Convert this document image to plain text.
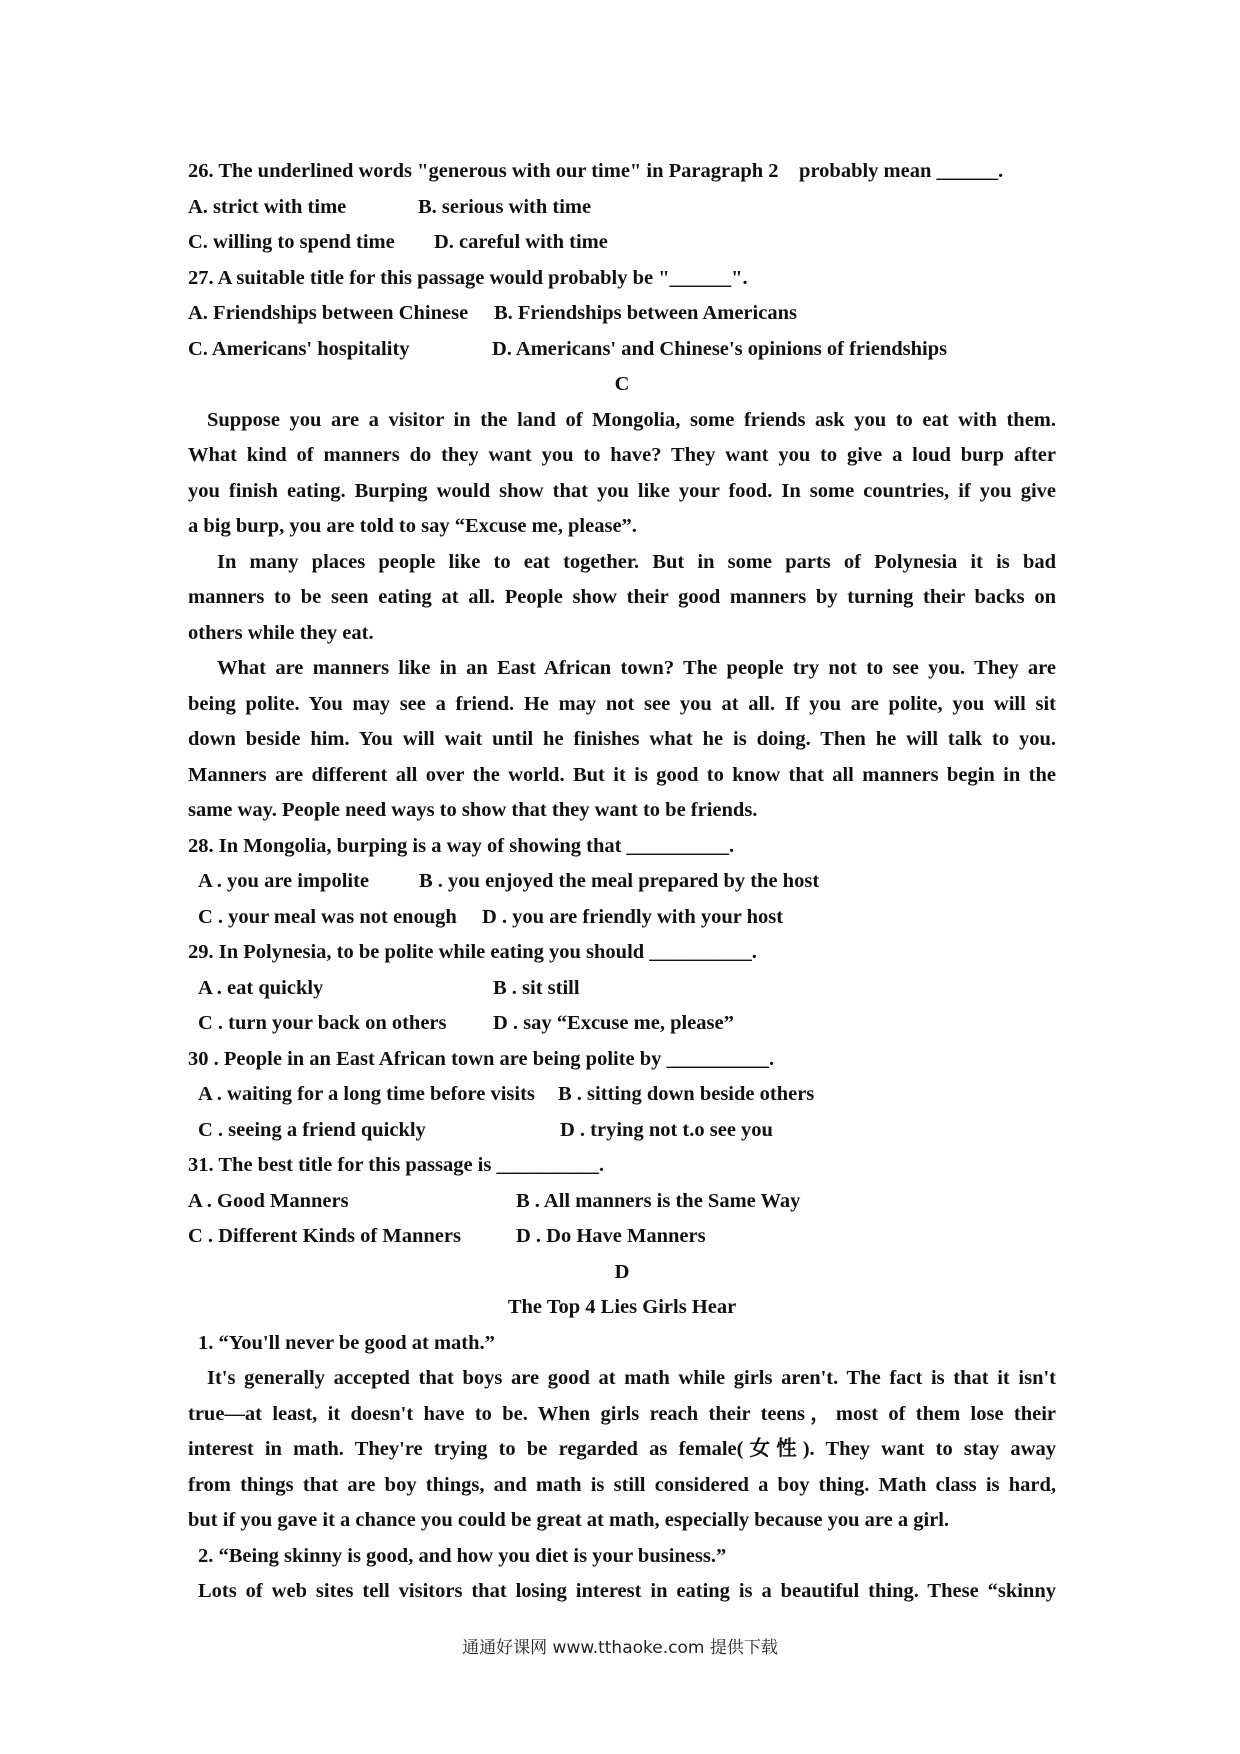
26. The underlined words "generous with our time" in Paragraph 2    probably mean ______.

A. strict with time

	B. serious with time

C. willing to spend time

D. careful with time

27. A suitable title for this passage would probably be "______".

A. Friendships between Chinese

B. Friendships between Americans

C. Americans' hospitality

	D. Americans' and Chinese's opinions of friendships

C
Suppose you are a visitor in the land of Mongolia, some friends ask you to eat with them.
What kind of manners do they want you to have? They want you to give a loud burp after
you finish eating. Burping would show that you like your food. In some countries, if you give
a big burp, you are told to say “Excuse me, please”.
In many places people like to eat together. But in some parts of Polynesia it is bad
manners to be seen eating at all. People show their good manners by turning their backs on
others while they eat.
What are manners like in an East African town? The people try not to see you. They are
being polite. You may see a friend. He may not see you at all. If you are polite, you will sit
down beside him. You will wait until he finishes what he is doing. Then he will talk to you.
Manners are different all over the world. But it is good to know that all manners begin in the
same way. People need ways to show that they want to be friends.
28. In Mongolia, burping is a way of showing that __________.

A . you are impolite

B . you enjoyed the meal prepared by the host

C . your meal was not enough

D . you are friendly with your host

29. In Polynesia, to be polite while eating you should __________.

A . eat quickly

	B . sit still

C . turn your back on others

D . say “Excuse me, please”

30 . People in an East African town are being polite by __________.

A . waiting for a long time before visits

B . sitting down beside others

C . seeing a friend quickly

	D . trying not t.o see you

31. The best title for this passage is __________.

A . Good Manners

	B . All manners is the Same Way

C . Different Kinds of Manners

	D . Do Have Manners

D
The Top 4 Lies Girls Hear
1. “You'll never be good at math.”
It's generally accepted that boys are good at math while girls aren't. The fact is that it isn't
true—at least, it doesn't have to be. When girls reach their teens，most of them lose their
interest in math. They're trying to be regarded as female(女性). They want to stay away
from things that are boy things, and math is still considered a boy thing. Math class is hard,
but if you gave it a chance you could be great at math, especially because you are a girl.
2. “Being skinny is good, and how you diet is your business.”
Lots of web sites tell visitors that losing interest in eating is a beautiful thing. These “skinny
通通好课网 www.tthaoke.com 提供下载
